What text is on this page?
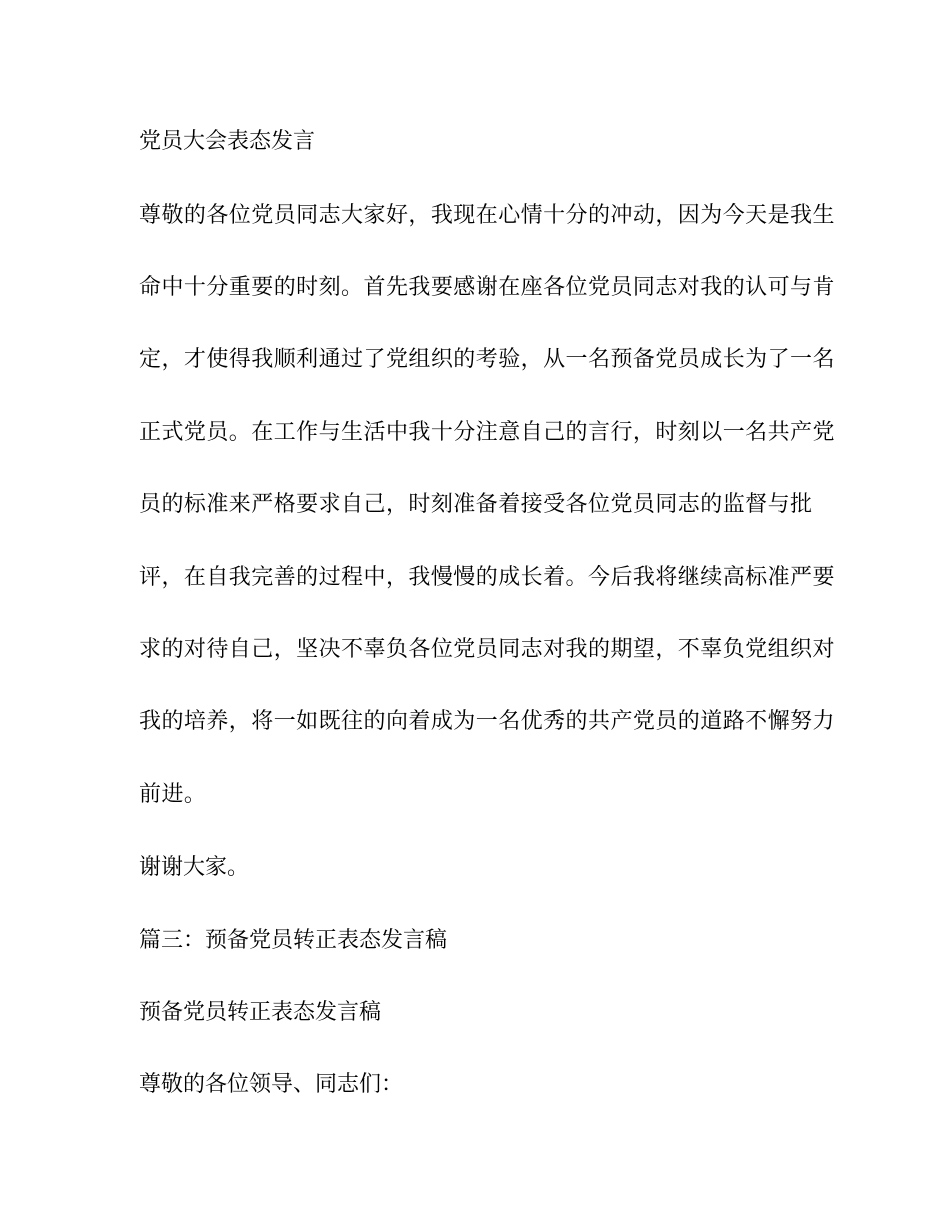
党员大会表态发言
尊敬的各位党员同志大家好，我现在心情十分的冲动，因为今天是我生
命中十分重要的时刻。首先我要感谢在座各位党员同志对我的认可与肯
定，才使得我顺利通过了党组织的考验，从一名预备党员成长为了一名
正式党员。在工作与生活中我十分注意自己的言行，时刻以一名共产党
员的标准来严格要求自己，时刻准备着接受各位党员同志的监督与批
评，在自我完善的过程中，我慢慢的成长着。今后我将继续高标准严要
求的对待自己，坚决不辜负各位党员同志对我的期望，不辜负党组织对
我的培养，将一如既往的向着成为一名优秀的共产党员的道路不懈努力
前进。
谢谢大家。
篇三：预备党员转正表态发言稿
预备党员转正表态发言稿
尊敬的各位领导、同志们：
